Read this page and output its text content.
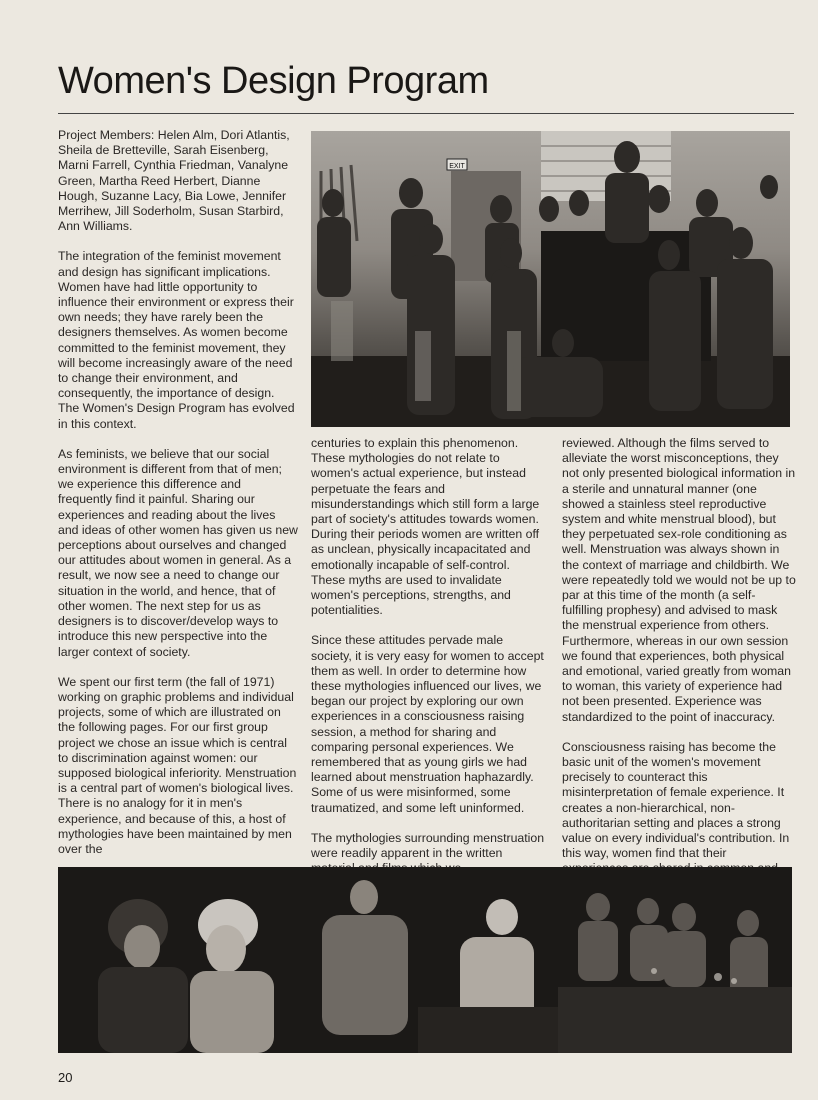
Women's Design Program

Project Members: Helen Alm, Dori Atlantis, Sheila de Bretteville, Sarah Eisenberg, Marni Farrell, Cynthia Friedman, Vanalyne Green, Martha Reed Herbert, Dianne Hough, Suzanne Lacy, Bia Lowe, Jennifer Merrihew, Jill Soderholm, Susan Starbird, Ann Williams.

The integration of the feminist movement and design has significant implications. Women have had little opportunity to influence their environment or express their own needs; they have rarely been the designers themselves. As women become committed to the feminist movement, they will become increasingly aware of the need to change their environment, and consequently, the importance of design. The Women's Design Program has evolved in this context.

As feminists, we believe that our social environment is different from that of men; we experience this difference and frequently find it painful. Sharing our experiences and reading about the lives and ideas of other women has given us new perceptions about ourselves and changed our attitudes about women in general. As a result, we now see a need to change our situation in the world, and hence, that of other women. The next step for us as designers is to discover/develop ways to introduce this new perspective into the larger context of society.

We spent our first term (the fall of 1971) working on graphic problems and individual projects, some of which are illustrated on the following pages. For our first group project we chose an issue which is central to discrimination against women: our supposed biological inferiority. Menstruation is a central part of women's biological lives. There is no analogy for it in men's experience, and because of this, a host of mythologies have been maintained by men over the

EXIT

centuries to explain this phenomenon. These mythologies do not relate to women's actual experience, but instead perpetuate the fears and misunderstandings which still form a large part of society's attitudes towards women. During their periods women are written off as unclean, physically incapacitated and emotionally incapable of self-control. These myths are used to invalidate women's perceptions, strengths, and potentialities.

Since these attitudes pervade male society, it is very easy for women to accept them as well. In order to determine how these mythologies influenced our lives, we began our project by exploring our own experiences in a consciousness raising session, a method for sharing and comparing personal experiences. We remembered that as young girls we had learned about menstruation haphazardly. Some of us were misinformed, some traumatized, and some left uninformed.

The mythologies surrounding menstruation were readily apparent in the written

reviewed. Although the films served to alleviate the worst misconceptions, they not only presented biological information in a sterile and unnatural manner (one showed a stainless steel reproductive system and white menstrual blood), but they perpetuated sex-role conditioning as well. Menstruation was always shown in the context of marriage and childbirth. We were repeatedly told we would not be up to par at this time of the month (a self-fulfilling prophesy) and advised to mask the menstrual experience from others. Furthermore, whereas in our own session we found that experiences, both physical and emotional, varied greatly from woman to woman, this variety of experience had not been presented. Experience was standardized to the point of inaccuracy.

Consciousness raising has become the basic unit of the women's movement precisely to counteract this misinterpretation of female experience. It creates a non-hierarchical, non-authoritarian setting and places a strong value on every individual's contribution. In this way, women find that their

20
